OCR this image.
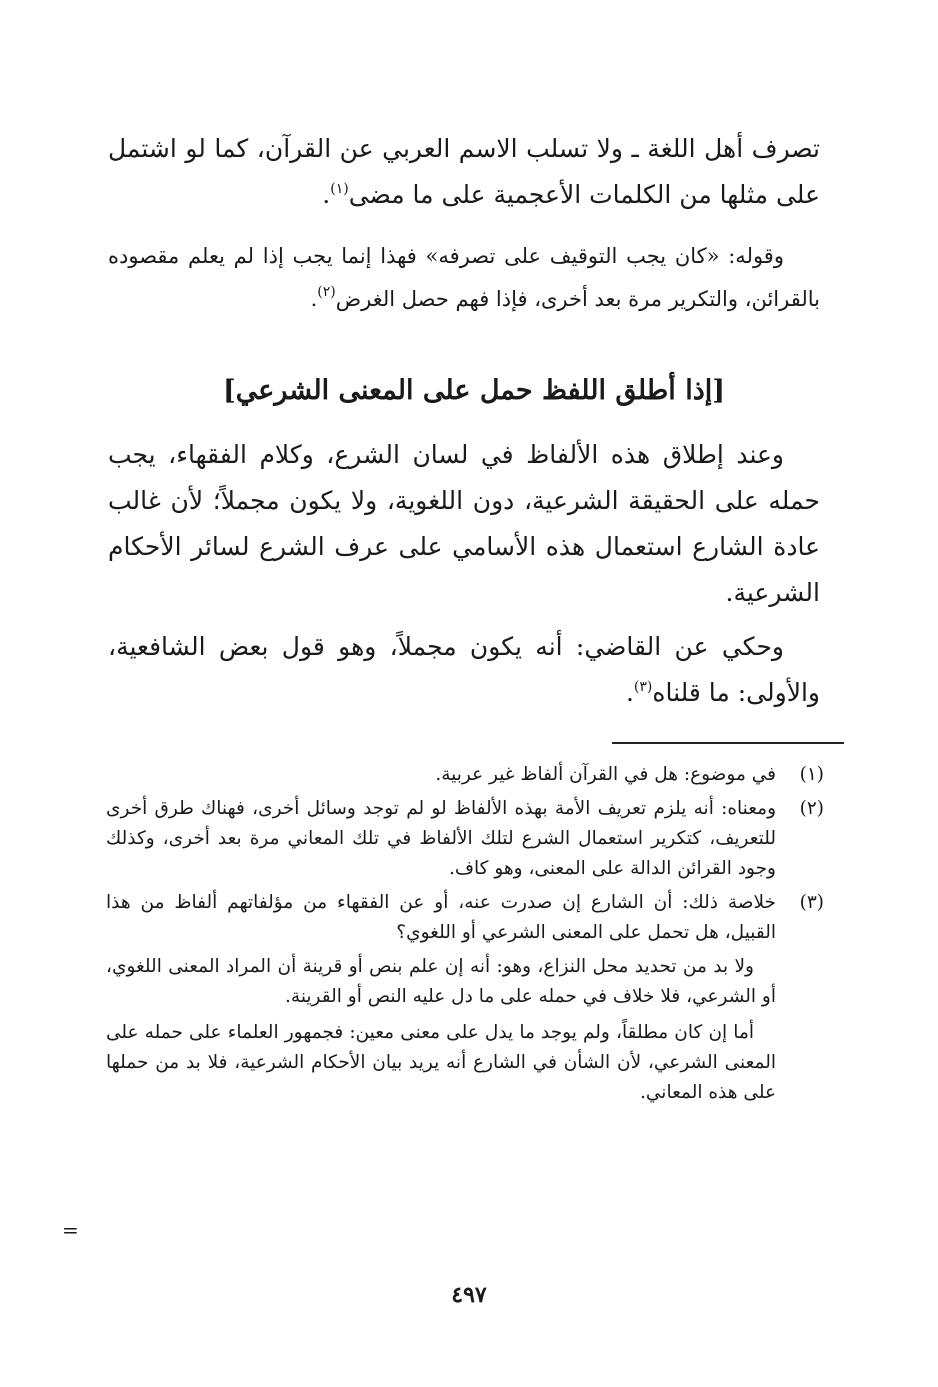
تصرف أهل اللغة ـ ولا تسلب الاسم العربي عن القرآن، كما لو اشتمل على مثلها من الكلمات الأعجمية على ما مضى$^{(١)}$.

وقوله: «كان يجب التوقيف على تصرفه» فهذا إنما يجب إذا لم يعلم مقصوده بالقرائن، والتكرير مرة بعد أخرى، فإذا فهم حصل الغرض$^{(٢)}$.

[إذا أطلق اللفظ حمل على المعنى الشرعي]

وعند إطلاق هذه الألفاظ في لسان الشرع، وكلام الفقهاء، يجب حمله على الحقيقة الشرعية، دون اللغوية، ولا يكون مجملاً؛ لأن غالب عادة الشارع استعمال هذه الأسامي على عرف الشرع لسائر الأحكام الشرعية.

وحكي عن القاضي: أنه يكون مجملاً، وهو قول بعض الشافعية، والأولى: ما قلناه$^{(٣)}$.

(١)
في موضوع: هل في القرآن ألفاظ غير عربية.
(٢)
ومعناه: أنه يلزم تعريف الأمة بهذه الألفاظ لو لم توجد وسائل أخرى، فهناك طرق أخرى للتعريف، كتكرير استعمال الشرع لتلك الألفاظ في تلك المعاني مرة بعد أخرى، وكذلك وجود القرائن الدالة على المعنى، وهو كاف.
(٣)
خلاصة ذلك: أن الشارع إن صدرت عنه، أو عن الفقهاء من مؤلفاتهم ألفاظ من هذا القبيل، هل تحمل على المعنى الشرعي أو اللغوي؟

ولا بد من تحديد محل النزاع، وهو: أنه إن علم بنص أو قرينة أن المراد المعنى اللغوي، أو الشرعي، فلا خلاف في حمله على ما دل عليه النص أو القرينة.

أما إن كان مطلقاً، ولم يوجد ما يدل على معنى معين: فجمهور العلماء على حمله على المعنى الشرعي، لأن الشأن في الشارع أنه يريد بيان الأحكام الشرعية، فلا بد من حملها على هذه المعاني.

=
٤٩٧
